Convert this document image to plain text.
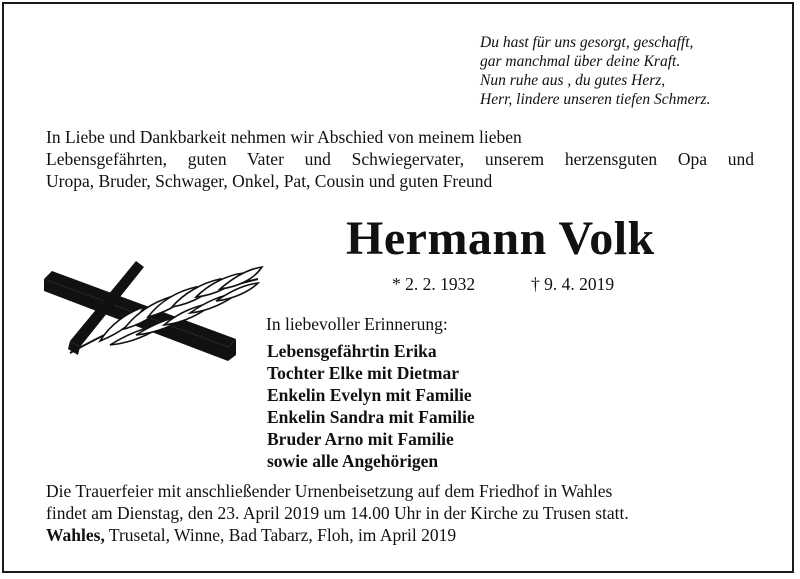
Du hast für uns gesorgt, geschafft,
gar manchmal über deine Kraft.
Nun ruhe aus , du gutes Herz,
Herr, lindere unseren tiefen Schmerz.
In Liebe und Dankbarkeit nehmen wir Abschied von meinem lieben
Lebensgefährten, guten Vater und Schwiegervater, unserem herzensguten Opa und
Uropa, Bruder, Schwager, Onkel, Pat, Cousin und guten Freund
Hermann Volk
* 2. 2. 1932	† 9. 4. 2019
In liebevoller Erinnerung:
Lebensgefährtin Erika
Tochter Elke mit Dietmar
Enkelin Evelyn mit Familie
Enkelin Sandra mit Familie
Bruder Arno mit Familie
sowie alle Angehörigen
Die Trauerfeier mit anschließender Urnenbeisetzung auf dem Friedhof in Wahles
findet am Dienstag, den 23. April 2019 um 14.00 Uhr in der Kirche zu Trusen statt.
Wahles, Trusetal, Winne, Bad Tabarz, Floh, im April 2019
